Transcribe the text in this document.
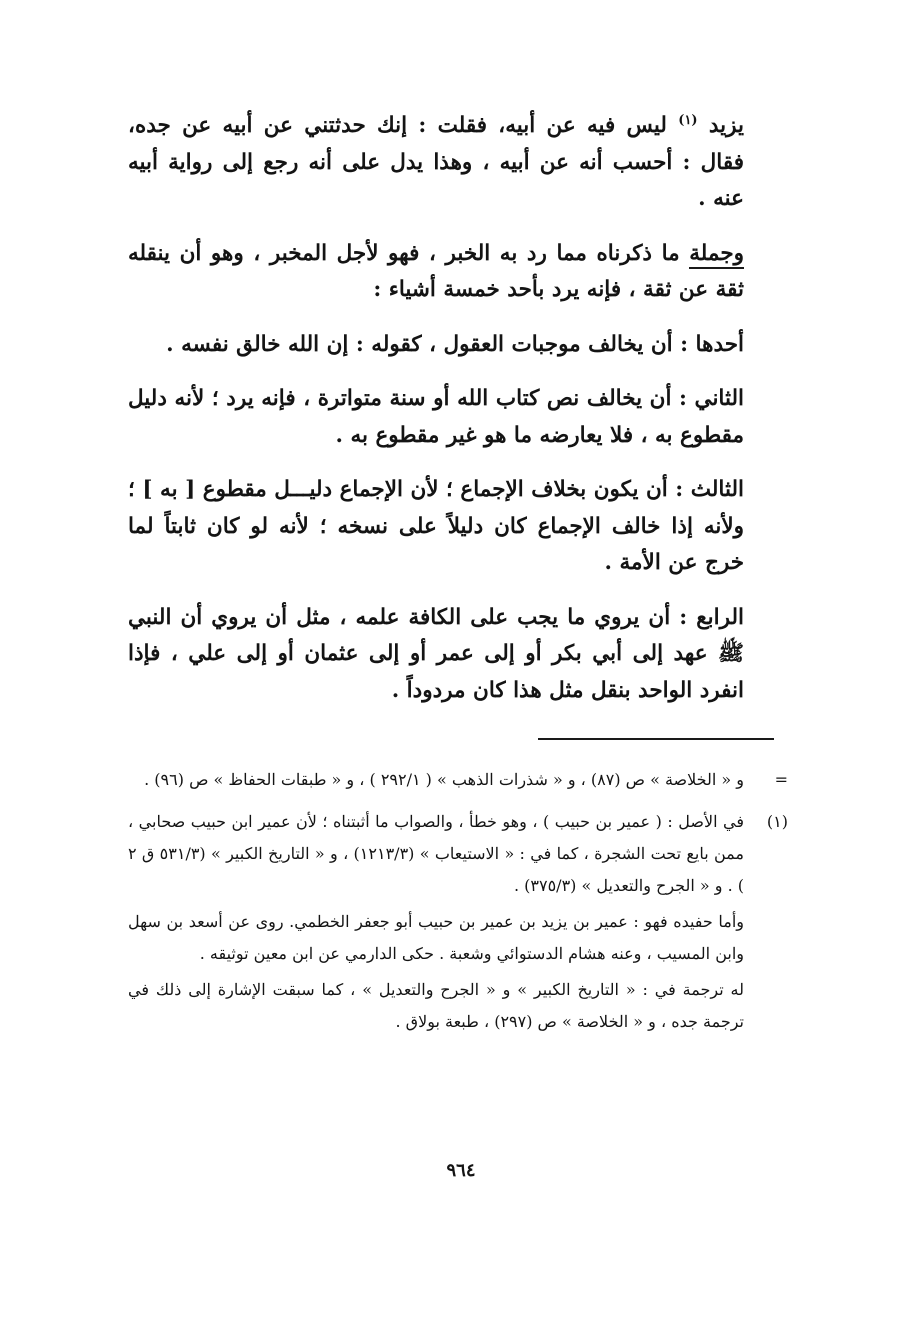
يزيد $^{(١)}$ ليس فيه عن أبيه، فقلت : إنك حدثتني عن أبيه عن جده، فقال : أحسب أنه عن أبيه ، وهذا يدل على أنه رجع إلى رواية أبيه عنه .

وجملة ما ذكرناه مما رد به الخبر ، فهو لأجل المخبر ، وهو أن ينقله ثقة عن ثقة ، فإنه يرد بأحد خمسة أشياء :

أحدها : أن يخالف موجبات العقول ، كقوله : إن الله خالق نفسه .

الثاني : أن يخالف نص كتاب الله أو سنة متواترة ، فإنه يرد ؛ لأنه دليل مقطوع به ، فلا يعارضه ما هو غير مقطوع به .

الثالث : أن يكون بخلاف الإجماع ؛ لأن الإجماع دليـــل مقطوع [ به ] ؛ ولأنه إذا خالف الإجماع كان دليلاً على نسخه ؛ لأنه لو كان ثابتاً لما خرج عن الأمة .

الرابع : أن يروي ما يجب على الكافة علمه ، مثل أن يروي أن النبي ﷺ عهد إلى أبي بكر أو إلى عمر أو إلى عثمان أو إلى علي ، فإذا انفرد الواحد بنقل مثل هذا كان مردوداً .

=

و « الخلاصة » ص (٨٧) ، و « شذرات الذهب » ( ٢٩٢/١ ) ، و « طبقات الحفاظ » ص (٩٦) .

(١)

في الأصل : ( عمير بن حبيب ) ، وهو خطأ ، والصواب ما أثبتناه ؛ لأن عمير ابن حبيب صحابي ، ممن بايع تحت الشجرة ، كما في : « الاستيعاب » (١٢١٣/٣) ، و « التاريخ الكبير » (٥٣١/٣ ق ٢ ) . و « الجرح والتعديل » (٣٧٥/٣) .

وأما حفيده فهو : عمير بن يزيد بن عمير بن حبيب أبو جعفر الخطمي. روى عن أسعد بن سهل وابن المسيب ، وعنه هشام الدستوائي وشعبة . حكى الدارمي عن ابن معين توثيقه .

له ترجمة في : « التاريخ الكبير » و « الجرح والتعديل » ، كما سبقت الإشارة إلى ذلك في ترجمة جده ، و « الخلاصة » ص (٢٩٧) ، طبعة بولاق .

٩٦٤
